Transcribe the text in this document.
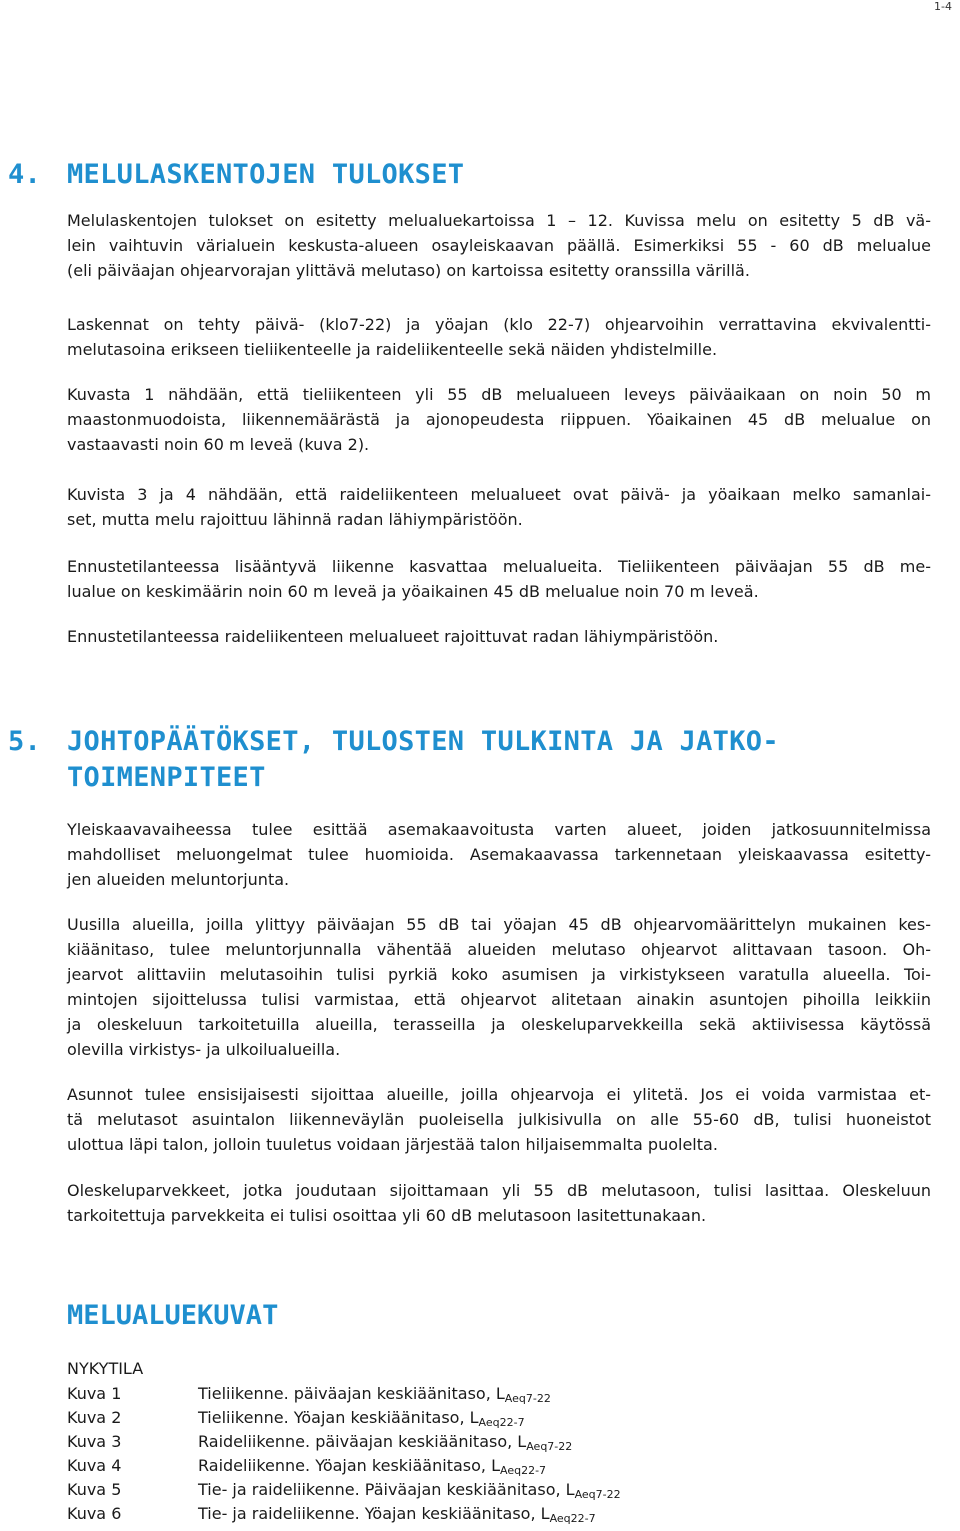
1-4
4. MELULASKENTOJEN TULOKSET
Melulaskentojen tulokset on esitetty melualuekartoissa 1 – 12. Kuvissa melu on esitetty 5 dB vä-
lein vaihtuvin värialuein keskusta-alueen osayleiskaavan päällä. Esimerkiksi 55 - 60 dB melualue
(eli päiväajan ohjearvorajan ylittävä melutaso) on kartoissa esitetty oranssilla värillä.
Laskennat on tehty päivä- (klo7-22) ja yöajan (klo 22-7) ohjearvoihin verrattavina ekvivalentti-
melutasoina erikseen tieliikenteelle ja raideliikenteelle sekä näiden yhdistelmille.
Kuvasta 1 nähdään, että tieliikenteen yli 55 dB melualueen leveys päiväaikaan on noin 50 m
maastonmuodoista, liikennemäärästä ja ajonopeudesta riippuen. Yöaikainen 45 dB melualue on
vastaavasti noin 60 m leveä (kuva 2).
Kuvista 3 ja 4 nähdään, että raideliikenteen melualueet ovat päivä- ja yöaikaan melko samanlai-
set, mutta melu rajoittuu lähinnä radan lähiympäristöön.
Ennustetilanteessa lisääntyvä liikenne kasvattaa melualueita. Tieliikenteen päiväajan 55 dB me-
lualue on keskimäärin noin 60 m leveä ja yöaikainen 45 dB melualue noin 70 m leveä.
Ennustetilanteessa raideliikenteen melualueet rajoittuvat radan lähiympäristöön.
5. JOHTOPÄÄTÖKSET, TULOSTEN TULKINTA JA JATKO-
TOIMENPITEET
Yleiskaavavaiheessa tulee esittää asemakaavoitusta varten alueet, joiden jatkosuunnitelmissa
mahdolliset meluongelmat tulee huomioida. Asemakaavassa tarkennetaan yleiskaavassa esitetty-
jen alueiden meluntorjunta.
Uusilla alueilla, joilla ylittyy päiväajan 55 dB tai yöajan 45 dB ohjearvomäärittelyn mukainen kes-
kiäänitaso, tulee meluntorjunnalla vähentää alueiden melutaso ohjearvot alittavaan tasoon. Oh-
jearvot alittaviin melutasoihin tulisi pyrkiä koko asumisen ja virkistykseen varatulla alueella. Toi-
mintojen sijoittelussa tulisi varmistaa, että ohjearvot alitetaan ainakin asuntojen pihoilla leikkiin
ja oleskeluun tarkoitetuilla alueilla, terasseilla ja oleskeluparvekkeilla sekä aktiivisessa käytössä
olevilla virkistys- ja ulkoilualueilla.
Asunnot tulee ensisijaisesti sijoittaa alueille, joilla ohjearvoja ei ylitetä. Jos ei voida varmistaa et-
tä melutasot asuintalon liikenneväylän puoleisella julkisivulla on alle 55-60 dB, tulisi huoneistot
ulottua läpi talon, jolloin tuuletus voidaan järjestää talon hiljaisemmalta puolelta.
Oleskeluparvekkeet, jotka joudutaan sijoittamaan yli 55 dB melutasoon, tulisi lasittaa. Oleskeluun
tarkoitettuja parvekkeita ei tulisi osoittaa yli 60 dB melutasoon lasitettunakaan.
MELUALUEKUVAT
NYKYTILA
Kuva 1	Tieliikenne. päiväajan keskiäänitaso, $L_{Aeq7-22}$
Kuva 2	Tieliikenne. Yöajan keskiäänitaso, $L_{Aeq22-7}$
Kuva 3	Raideliikenne. päiväajan keskiäänitaso, $L_{Aeq7-22}$
Kuva 4	Raideliikenne. Yöajan keskiäänitaso, $L_{Aeq22-7}$
Kuva 5	Tie- ja raideliikenne. Päiväajan keskiäänitaso, $L_{Aeq7-22}$
Kuva 6	Tie- ja raideliikenne. Yöajan keskiäänitaso, $L_{Aeq22-7}$
